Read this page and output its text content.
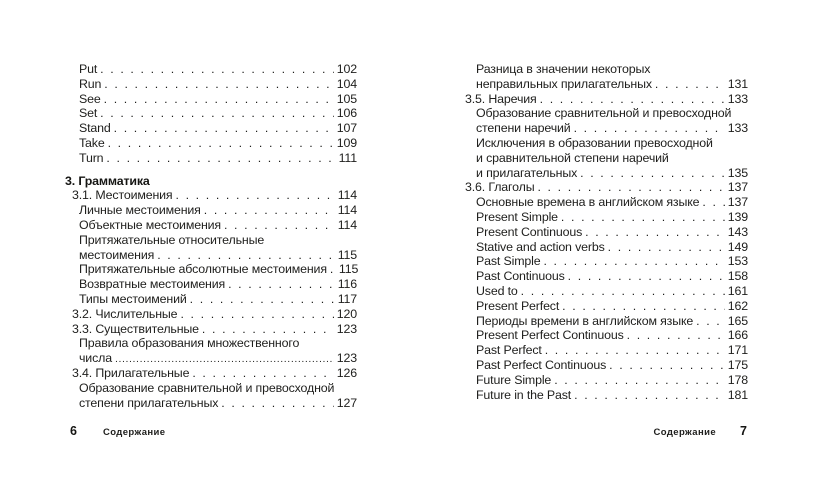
Put . . .	102
Run . . .	104
See . . .	105
Set . . .	106
Stand . . .	107
Take . . .	109
Turn . . .	111
3. Грамматика
3.1. Местоимения . . .	114
Личные местоимения . . .	114
Объектные местоимения . . .	114
Притяжательные относительные
местоимения . . .	115
Притяжательные абсолютные местоимения . . . 115
Возвратные местоимения . . .	116
Типы местоимений . . .	117
3.2. Числительные . . .	120
3.3. Существительные . . .	123
Правила образования множественного
числа .....	123
3.4. Прилагательные . . .	126
Образование сравнительной и превосходной
степени прилагательных . . .	127
Разница в значении некоторых
неправильных прилагательных . . .	131
3.5. Наречия . . .	133
Образование сравнительной и превосходной
степени наречий . . .	133
Исключения в образовании превосходной
и сравнительной степени наречий
и прилагательных . . .	135
3.6. Глаголы . . .	137
Основные времена в английском языке . . . 137
Present Simple . . .	139
Present Continuous . . .	143
Stative and action verbs . . .	149
Past Simple . . .	153
Past Continuous . . .	158
Used to . . .	161
Present Perfect . . .	162
Периоды времени в английском языке . . .	165
Present Perfect Continuous . . .	166
Past Perfect . . .	171
Past Perfect Continuous . . .	175
Future Simple . . .	178
Future in the Past . . .	181
6	Содержание	Содержание 7
